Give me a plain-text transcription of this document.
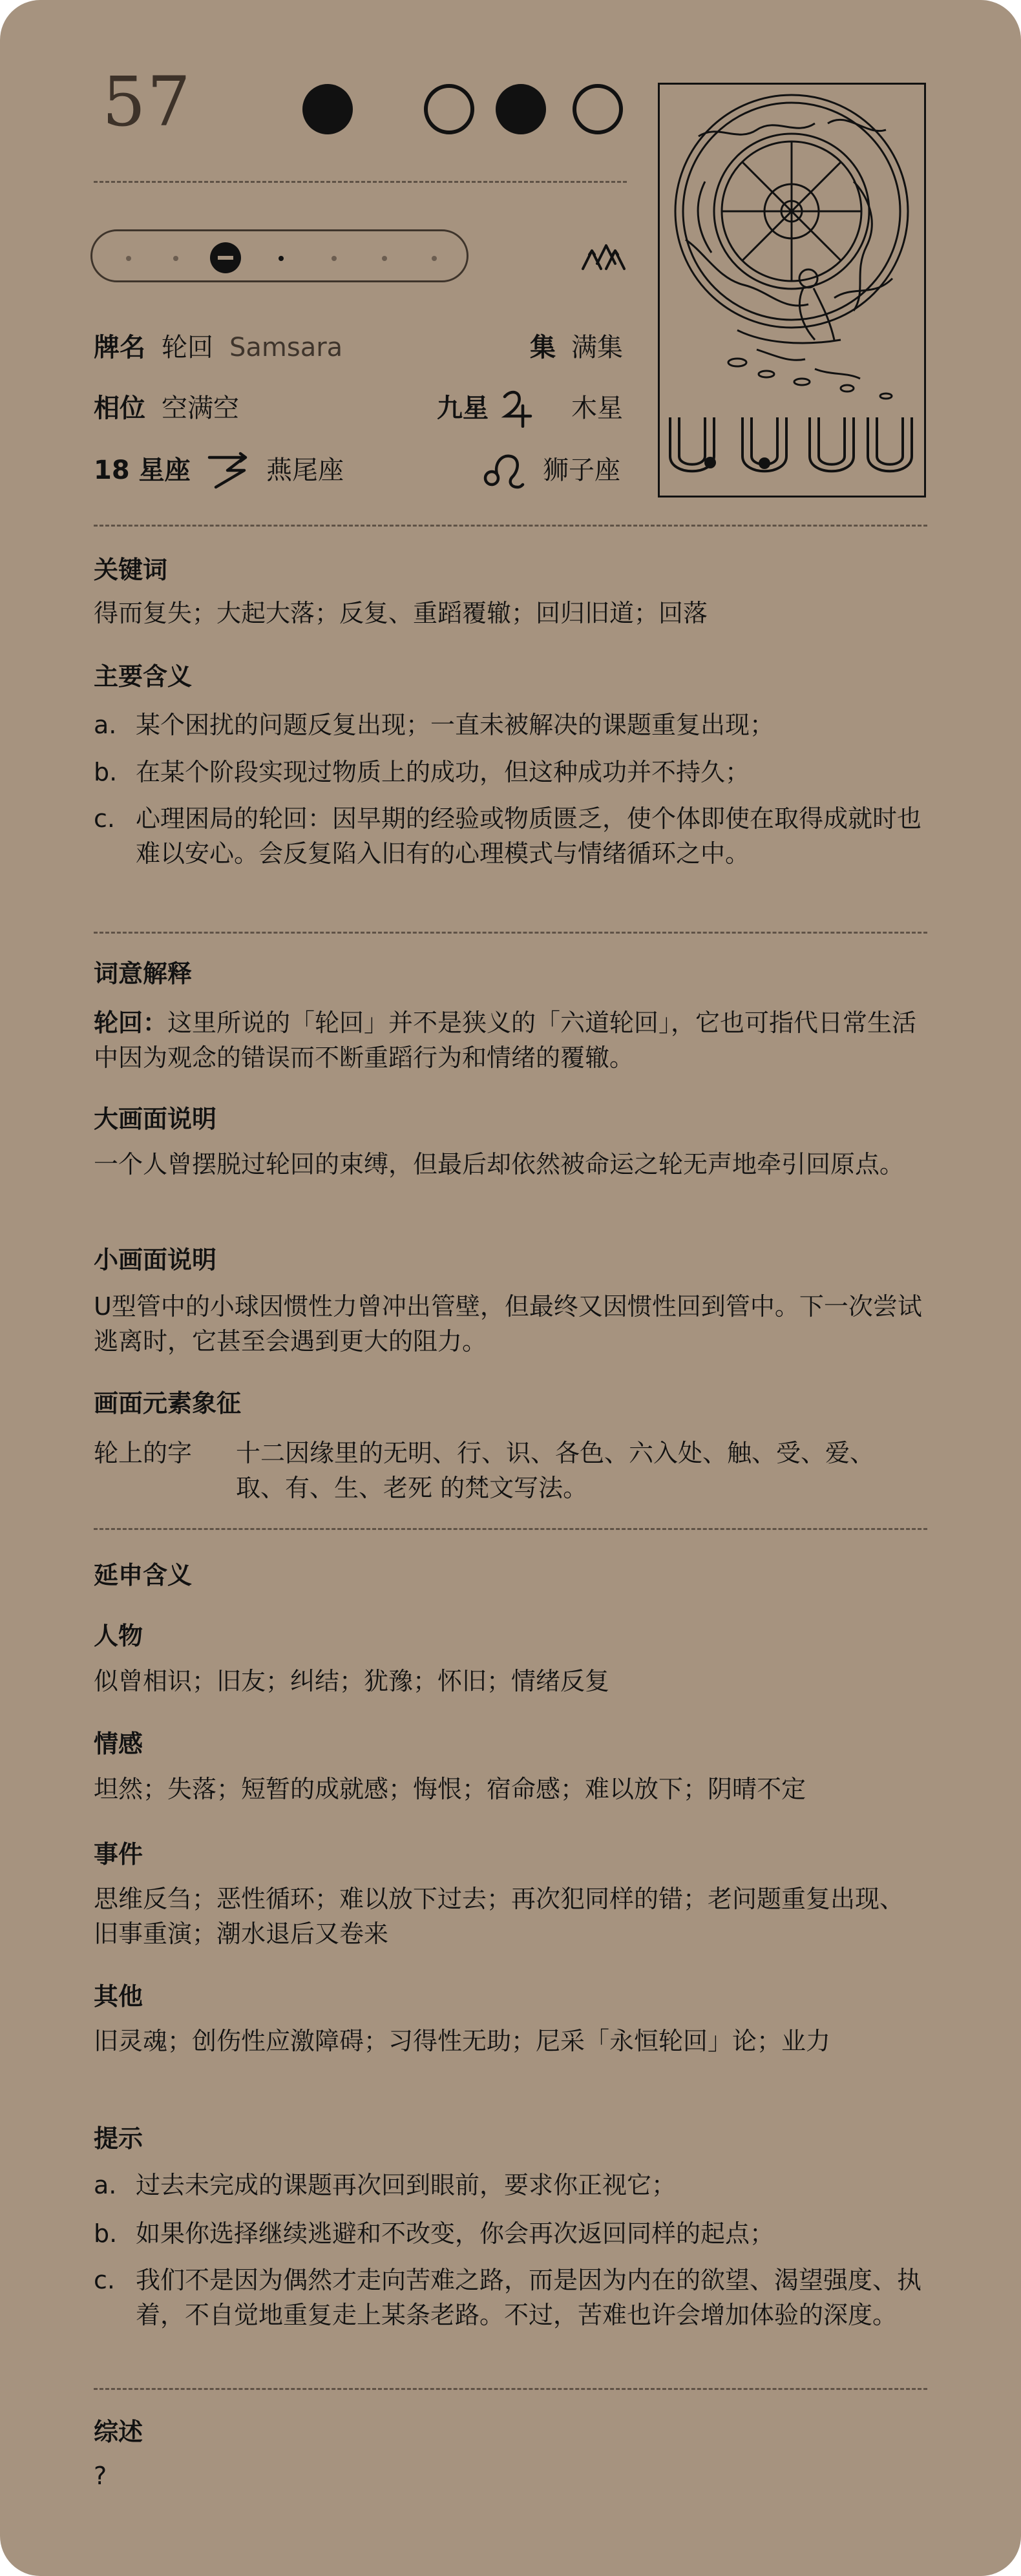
57
牌名 轮回 Samsara	集 满集
相位 空满空	九星	木星
18 星座	燕尾座	狮子座
关键词
得而复失；大起大落；反复、重蹈覆辙；回归旧道；回落
主要含义
a. 某个困扰的问题反复出现；一直未被解决的课题重复出现；
b. 在某个阶段实现过物质上的成功，但这种成功并不持久；
c. 心理困局的轮回：因早期的经验或物质匮乏，使个体即使在取得成就时也难以安心。会反复陷入旧有的心理模式与情绪循环之中。
词意解释
轮回：这里所说的「轮回」并不是狭义的「六道轮回」，它也可指代日常生活中因为观念的错误而不断重蹈行为和情绪的覆辙。
大画面说明
一个人曾摆脱过轮回的束缚，但最后却依然被命运之轮无声地牵引回原点。
小画面说明
U型管中的小球因惯性力曾冲出管壁，但最终又因惯性回到管中。下一次尝试逃离时，它甚至会遇到更大的阻力。
画面元素象征
轮上的字 十二因缘里的无明、行、识、各色、六入处、触、受、爱、取、有、生、老死 的梵文写法。
延申含义
人物
似曾相识；旧友；纠结；犹豫；怀旧；情绪反复
情感
坦然；失落；短暂的成就感；悔恨；宿命感；难以放下；阴晴不定
事件
思维反刍；恶性循环；难以放下过去；再次犯同样的错；老问题重复出现、旧事重演；潮水退后又卷来
其他
旧灵魂；创伤性应激障碍；习得性无助；尼采「永恒轮回」论；业力
提示
a. 过去未完成的课题再次回到眼前，要求你正视它；
b. 如果你选择继续逃避和不改变，你会再次返回同样的起点；
c. 我们不是因为偶然才走向苦难之路，而是因为内在的欲望、渴望强度、执着，不自觉地重复走上某条老路。不过，苦难也许会增加体验的深度。
综述
?
